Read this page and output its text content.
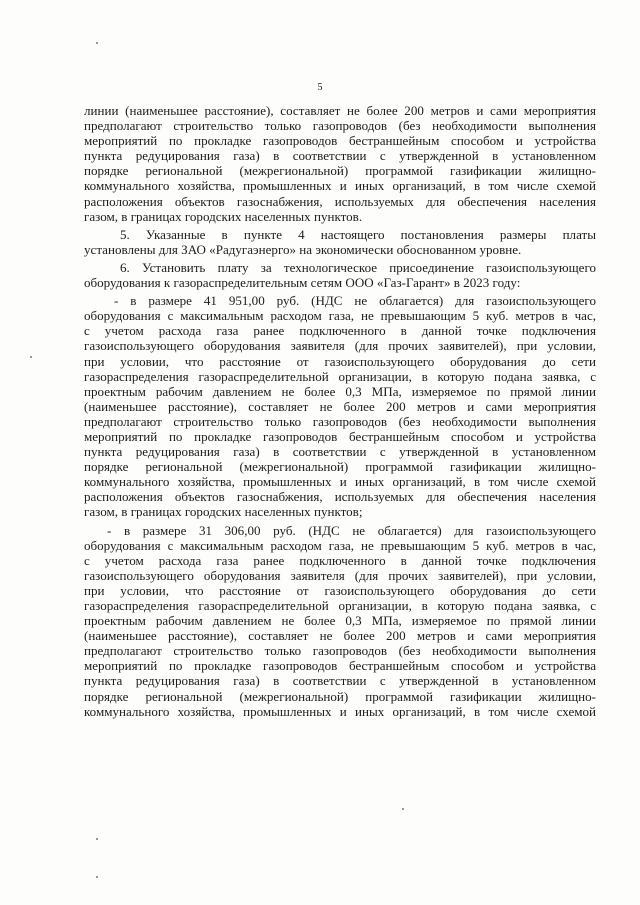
5
линии (наименьшее расстояние), составляет не более 200 метров и сами мероприятия
предполагают строительство только газопроводов (без необходимости выполнения
мероприятий по прокладке газопроводов бестраншейным способом и устройства
пункта редуцирования газа) в соответствии с утвержденной в установленном
порядке региональной (межрегиональной) программой газификации жилищно-
коммунального хозяйства, промышленных и иных организаций, в том числе схемой
расположения объектов газоснабжения, используемых для обеспечения населения
газом, в границах городских населенных пунктов.
5. Указанные в пункте 4 настоящего постановления размеры платы
установлены для ЗАО «Радугаэнерго» на экономически обоснованном уровне.
6. Установить плату за технологическое присоединение газоиспользующего
оборудования к газораспределительным сетям ООО «Газ-Гарант» в 2023 году:
- в размере 41 951,00 руб. (НДС не облагается) для газоиспользующего
оборудования с максимальным расходом газа, не превышающим 5 куб. метров в час,
с учетом расхода газа ранее подключенного в данной точке подключения
газоиспользующего оборудования заявителя (для прочих заявителей), при условии,
при условии, что расстояние от газоиспользующего оборудования до сети
газораспределения газораспределительной организации, в которую подана заявка, с
проектным рабочим давлением не более 0,3 МПа, измеряемое по прямой линии
(наименьшее расстояние), составляет не более 200 метров и сами мероприятия
предполагают строительство только газопроводов (без необходимости выполнения
мероприятий по прокладке газопроводов бестраншейным способом и устройства
пункта редуцирования газа) в соответствии с утвержденной в установленном
порядке региональной (межрегиональной) программой газификации жилищно-
коммунального хозяйства, промышленных и иных организаций, в том числе схемой
расположения объектов газоснабжения, используемых для обеспечения населения
газом, в границах городских населенных пунктов;
- в размере 31 306,00 руб. (НДС не облагается) для газоиспользующего
оборудования с максимальным расходом газа, не превышающим 5 куб. метров в час,
с учетом расхода газа ранее подключенного в данной точке подключения
газоиспользующего оборудования заявителя (для прочих заявителей), при условии,
при условии, что расстояние от газоиспользующего оборудования до сети
газораспределения газораспределительной организации, в которую подана заявка, с
проектным рабочим давлением не более 0,3 МПа, измеряемое по прямой линии
(наименьшее расстояние), составляет не более 200 метров и сами мероприятия
предполагают строительство только газопроводов (без необходимости выполнения
мероприятий по прокладке газопроводов бестраншейным способом и устройства
пункта редуцирования газа) в соответствии с утвержденной в установленном
порядке региональной (межрегиональной) программой газификации жилищно-
коммунального хозяйства, промышленных и иных организаций, в том числе схемой
